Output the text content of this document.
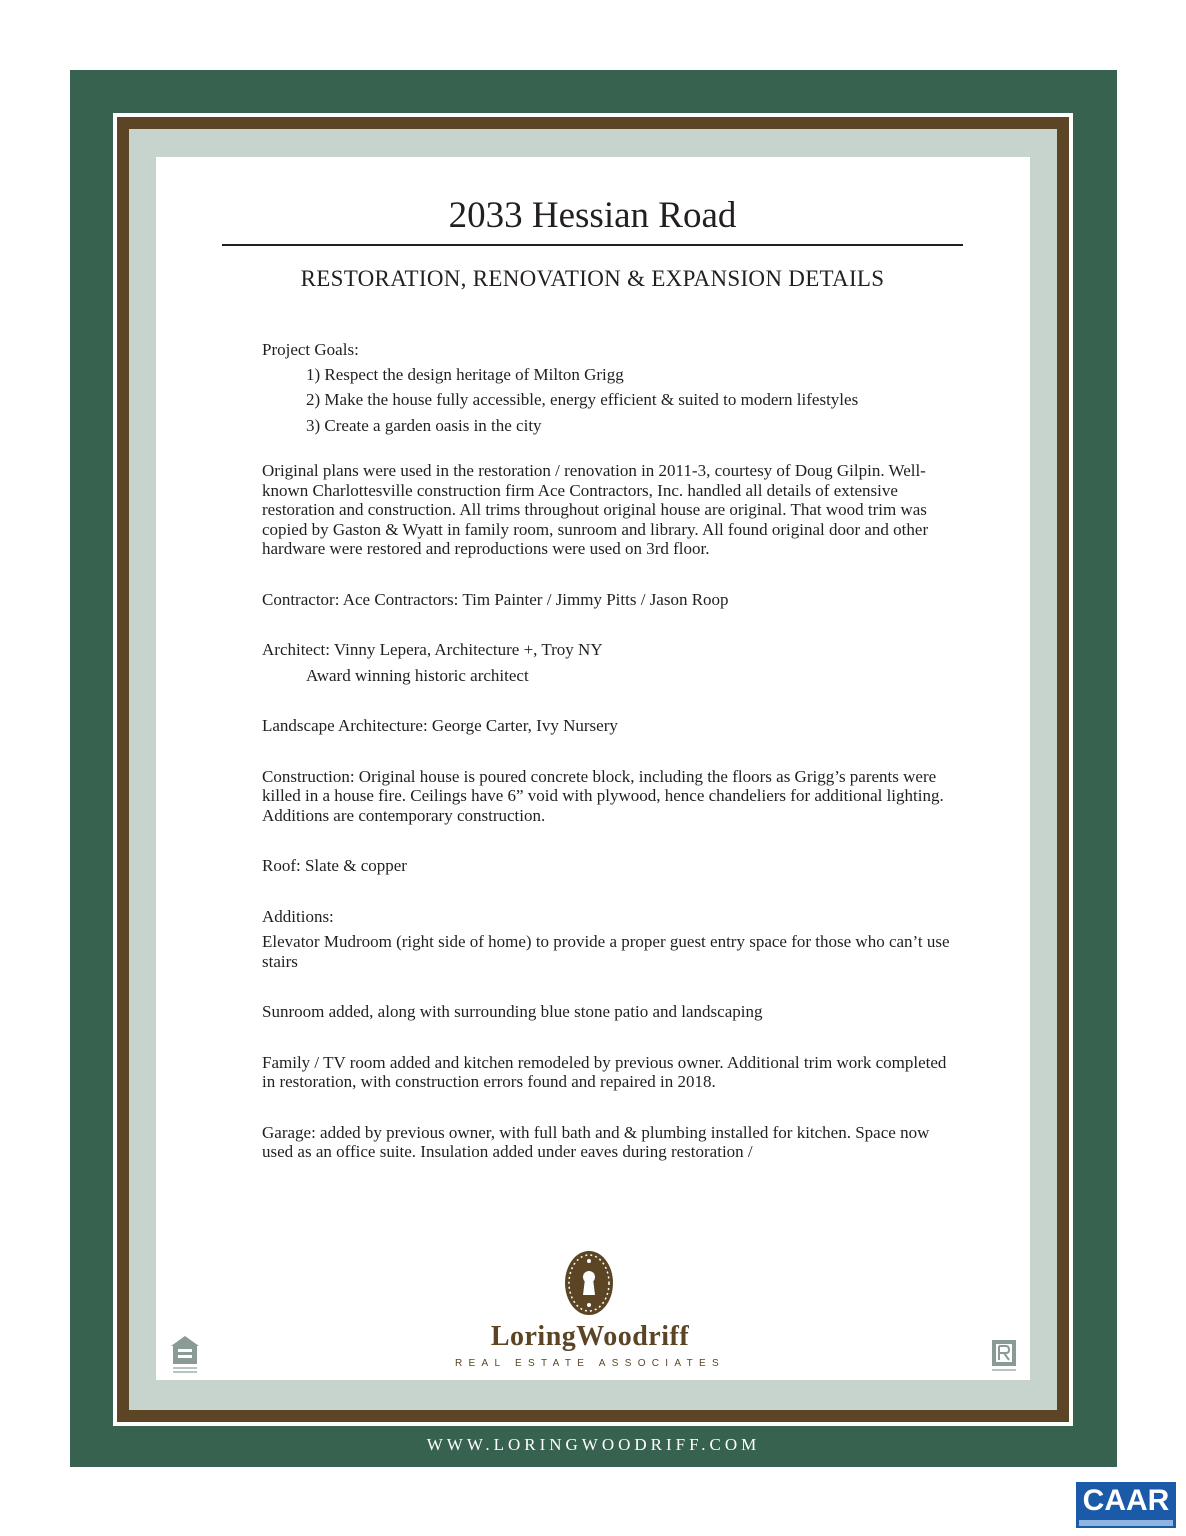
2033 Hessian Road
RESTORATION, RENOVATION & EXPANSION DETAILS

Project Goals:

1) Respect the design heritage of Milton Grigg
2) Make the house fully accessible, energy efficient & suited to modern lifestyles
3) Create a garden oasis in the city

Original plans were used in the restoration / renovation in 2011-3, courtesy of Doug Gilpin. Well-known Charlottesville construction firm Ace Contractors, Inc. handled all details of extensive restoration and construction. All trims throughout original house are original. That wood trim was copied by Gaston & Wyatt in family room, sunroom and library. All found original door and other hardware were restored and reproductions were used on 3rd floor.

Contractor: Ace Contractors: Tim Painter / Jimmy Pitts / Jason Roop

Architect: Vinny Lepera, Architecture +, Troy NY

Award winning historic architect

Landscape Architecture: George Carter, Ivy Nursery

Construction: Original house is poured concrete block, including the floors as Grigg’s parents were killed in a house fire. Ceilings have 6” void with plywood, hence chandeliers for additional lighting. Additions are contemporary construction.

Roof: Slate & copper

Additions:

Elevator Mudroom (right side of home) to provide a proper guest entry space for those who can’t use stairs

Sunroom added, along with surrounding blue stone patio and landscaping

Family / TV room added and kitchen remodeled by previous owner. Additional trim work completed in restoration, with construction errors found and repaired in 2018.

Garage: added by previous owner, with full bath and & plumbing installed for kitchen. Space now used as an office suite. Insulation added under eaves during restoration /

LoringWoodriff
REAL ESTATE ASSOCIATES
WWW.LORINGWOODRIFF.COM
CAAR
